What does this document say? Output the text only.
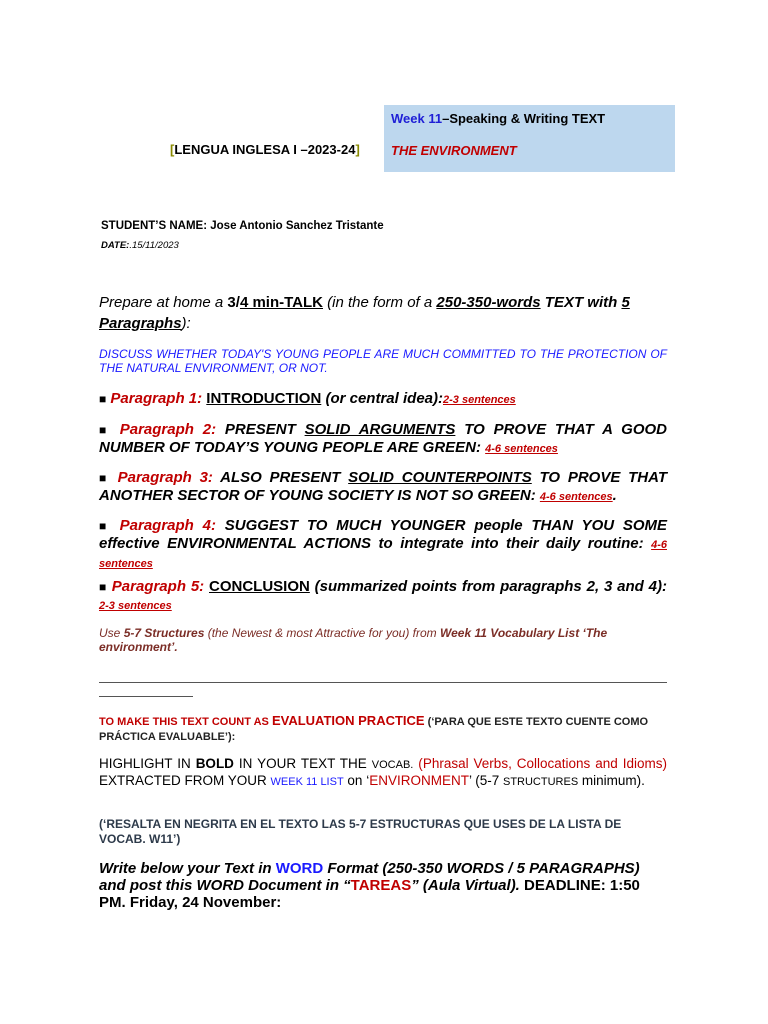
Week 11–Speaking & Writing TEXT
THE ENVIRONMENT
[LENGUA INGLESA I –2023-24]
STUDENT’S NAME: Jose Antonio Sanchez Tristante
DATE:.15/11/2023
Prepare at home a 3/4 min-TALK (in the form of a 250-350-words TEXT with 5
Paragraphs):
DISCUSS WHETHER TODAY'S YOUNG PEOPLE ARE MUCH COMMITTED TO THE PROTECTION OF THE NATURAL ENVIRONMENT, OR NOT.
■ Paragraph 1: INTRODUCTION (or central idea):2-3 sentences
■ Paragraph 2: PRESENT SOLID ARGUMENTS TO PROVE THAT A GOOD NUMBER OF TODAY’S YOUNG PEOPLE ARE GREEN: 4-6 sentences
■ Paragraph 3: ALSO PRESENT SOLID COUNTERPOINTS TO PROVE THAT ANOTHER SECTOR OF YOUNG SOCIETY IS NOT SO GREEN: 4-6 sentences.
■ Paragraph 4: SUGGEST TO MUCH YOUNGER people THAN YOU SOME effective ENVIRONMENTAL ACTIONS to integrate into their daily routine: 4-6 sentences
■ Paragraph 5: CONCLUSION (summarized points from paragraphs 2, 3 and 4): 2-3 sentences
Use 5-7 Structures (the Newest & most Attractive for you) from Week 11 Vocabulary List ‘The environment’.
TO MAKE THIS TEXT COUNT AS EVALUATION PRACTICE (‘PARA QUE ESTE TEXTO CUENTE COMO PRÁCTICA EVALUABLE’):
HIGHLIGHT IN BOLD IN YOUR TEXT THE VOCAB. (Phrasal Verbs, Collocations and Idioms) EXTRACTED FROM YOUR WEEK 11 LIST on ‘ENVIRONMENT’ (5-7 STRUCTURES minimum).
(‘RESALTA EN NEGRITA EN EL TEXTO LAS 5-7 ESTRUCTURAS QUE USES DE LA LISTA DE VOCAB. W11’)
Write below your Text in WORD Format (250-350 WORDS / 5 PARAGRAPHS) and post this WORD Document in “TAREAS” (Aula Virtual). DEADLINE: 1:50 PM. Friday, 24 November:
